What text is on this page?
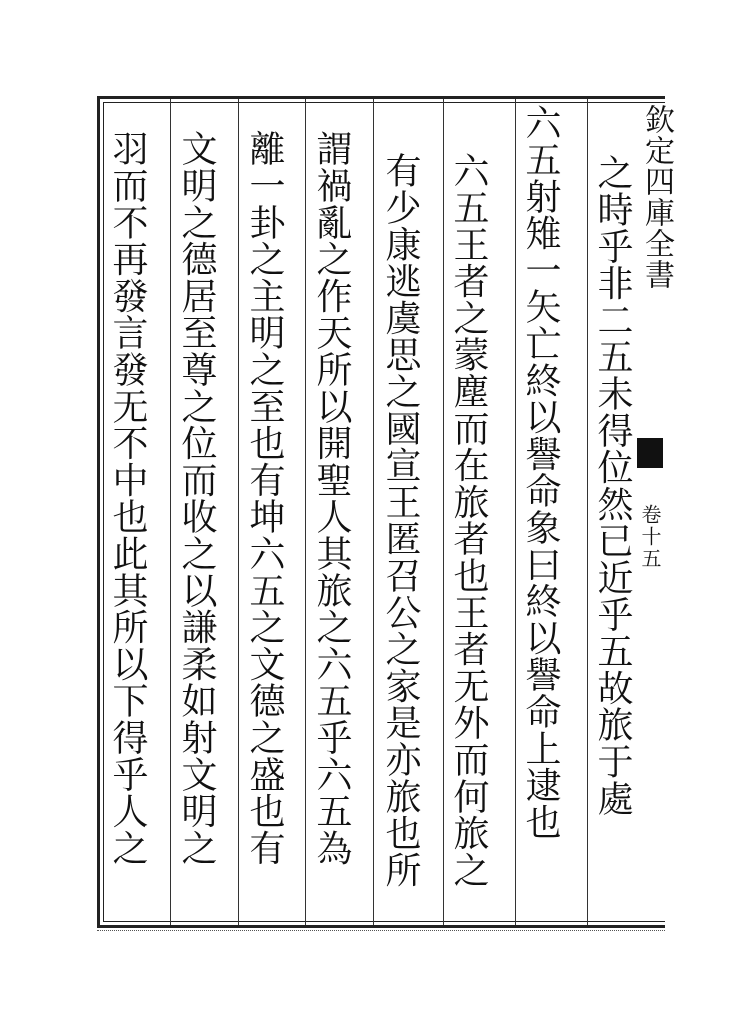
欽定四庫全書
卷十五
之時乎非二五未得位然已近乎五故旅于處
六五射雉一矢亡終以譽命象曰終以譽命上逮也
六五王者之蒙塵而在旅者也王者无外而何旅之
有少康逃虞思之國宣王匿召公之家是亦旅也所
謂禍亂之作天所以開聖人其旅之六五乎六五為
離一卦之主明之至也有坤六五之文德之盛也有
文明之德居至尊之位而收之以謙柔如射文明之
羽而不再發言發无不中也此其所以下得乎人之
